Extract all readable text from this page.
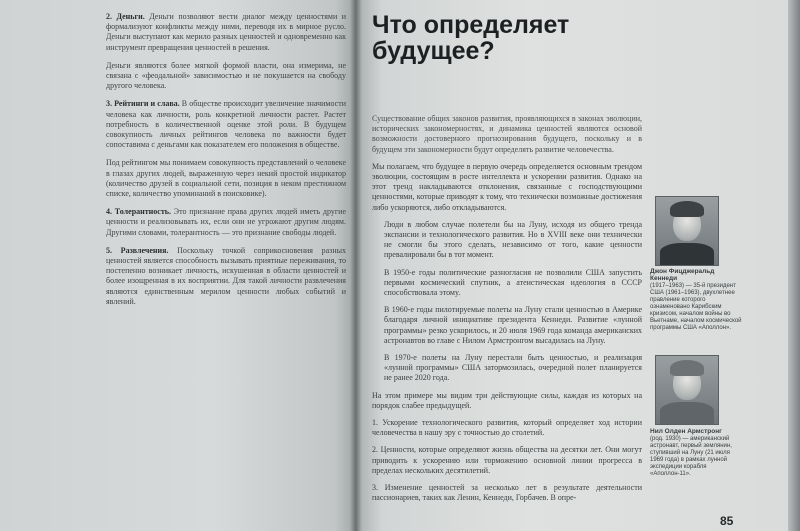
2. Деньги. Деньги позволяют вести диалог между ценностями и формализуют конфликты между ними, переводя их в мирное русло. Деньги выступают как мерило разных ценностей и одновременно как инструмент превращения ценностей в решения.

Деньги являются более мягкой формой власти, она измерима, не связана с «феодальной» зависимостью и не покушается на свободу другого человека.

3. Рейтинги и слава. В обществе происходит увеличение значимости человека как личности, роль конкретной личности растет. Растет потребность в количественной оценке этой роли. В будущем совокупность личных рейтингов человека по важности будет сопоставима с деньгами как показателем его положения в обществе.

Под рейтингом мы понимаем совокупность представлений о человеке в глазах других людей, выраженную через некий простой индикатор (количество друзей в социальной сети, позиция в неком престижном списке, количество упоминаний в поисковике).

4. Толерантность. Это признание права других людей иметь другие ценности и реализовывать их, если они не угрожают другим людям. Другими словами, толерантность — это признание свободы людей.

5. Развлечения. Поскольку точкой соприкосновения разных ценностей является способность вызывать приятные переживания, то постепенно возникает личность, искушенная в области ценностей и более изощренная в их восприятии. Для такой личности развлечения являются единственным мерилом ценности любых событий и явлений.

Что определяет будущее?

Существование общих законов развития, проявляющихся в законах эволюции, исторических закономерностях, и динамика ценностей являются основой возможности достоверного прогнозирования будущего, поскольку и в будущем эти закономерности будут определять развитие человечества.

Мы полагаем, что будущее в первую очередь определяется основным трендом эволюции, состоящим в росте интеллекта и ускорении развития. Однако на этот тренд накладываются отклонения, связанные с господствующими ценностями, которые приводят к тому, что технически возможные достижения либо ускоряются, либо откладываются.

Люди в любом случае полетели бы на Луну, исходя из общего тренда экспансии и технологического развития. Но в XVIII веке они технически не смогли бы этого сделать, независимо от того, какие ценности превалировали бы в тот момент.

В 1950-е годы политические разногласия не позволили США запустить первыми космический спутник, а атеистическая идеология в СССР способствовала этому.

В 1960-е годы пилотируемые полеты на Луну стали ценностью в Америке благодаря личной инициативе президента Кеннеди. Развитие «лунной программы» резко ускорилось, и 20 июля 1969 года команда американских астронавтов во главе с Нилом Армстронгом высадилась на Луну.

В 1970-е полеты на Луну перестали быть ценностью, и реализация «лунной программы» США затормозилась, очередной полет планируется не ранее 2020 года.

На этом примере мы видим три действующие силы, каждая из которых на порядок слабее предыдущей.

1. Ускорение технологического развития, который определяет ход истории человечества в нашу эру с точностью до столетий.

2. Ценности, которые определяют жизнь общества на десятки лет. Они могут приводить к ускорению или торможению основной линии прогресса в пределах нескольких десятилетий.

3. Изменение ценностей за несколько лет в результате деятельности пассионариев, таких как Ленин, Кеннеди, Горбачев. В опре-

Джон Фицджеральд Кеннеди
(1917–1963) — 35-й президент США (1961–1963), двухлетнее правление которого ознаменовано Карибским кризисом, началом войны во Вьетнаме, началом космической программы США «Аполлон».
Нил Олден Армстронг
(род. 1930) — американский астронавт, первый землянин, ступивший на Луну (21 июля 1969 года) в рамках лунной экспедиции корабля «Аполлон-11».
85
